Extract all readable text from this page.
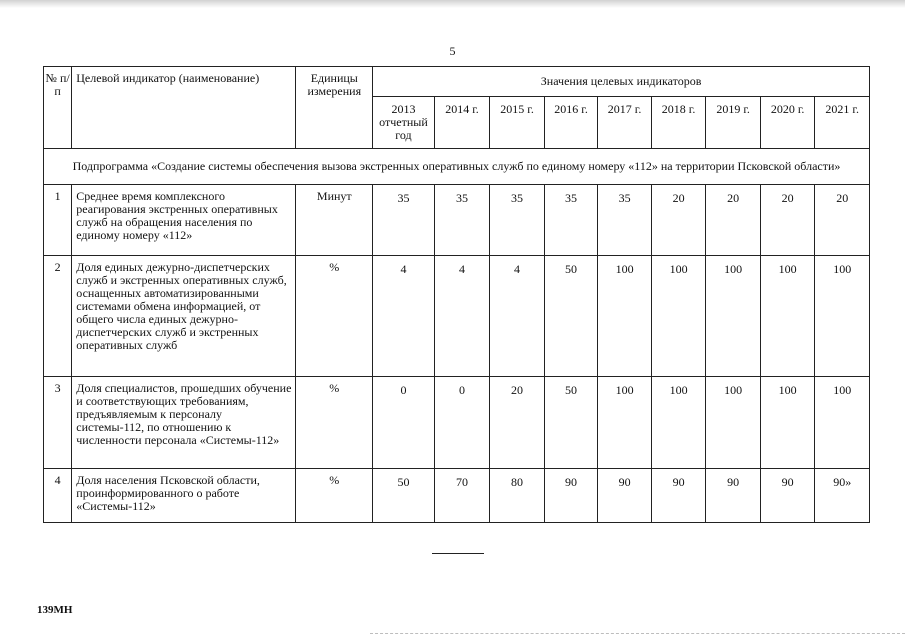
5
№ п/п	Целевой индикатор (наименование)	Единицы измерения	Значения целевых индикаторов								
			2013 отчетный год	2014 г.	2015 г.	2016 г.	2017 г.	2018 г.	2019 г.	2020 г.	2021 г.
Подпрограмма «Создание системы обеспечения вызова экстренных оперативных служб по единому номеру «112» на территории Псковской области»											
1	Среднее время комплексного реагирования экстренных оперативных служб на обращения населения по единому номеру «112»	Минут	35	35	35	35	35	20	20	20	20
2	Доля единых дежурно-диспетчерских служб и экстренных оперативных служб, оснащенных автоматизированными системами обмена информацией, от общего числа единых дежурно-диспетчерских служб и экстренных оперативных служб	%	4	4	4	50	100	100	100	100	100
3	Доля специалистов, прошедших обучение и соответствующих требованиям, предъявляемым к персоналу системы-112, по отношению к численности персонала «Системы-112»	%	0	0	20	50	100	100	100	100	100
4	Доля населения Псковской области, проинформированного о работе «Системы-112»	%	50	70	80	90	90	90	90	90	90»
139МН
